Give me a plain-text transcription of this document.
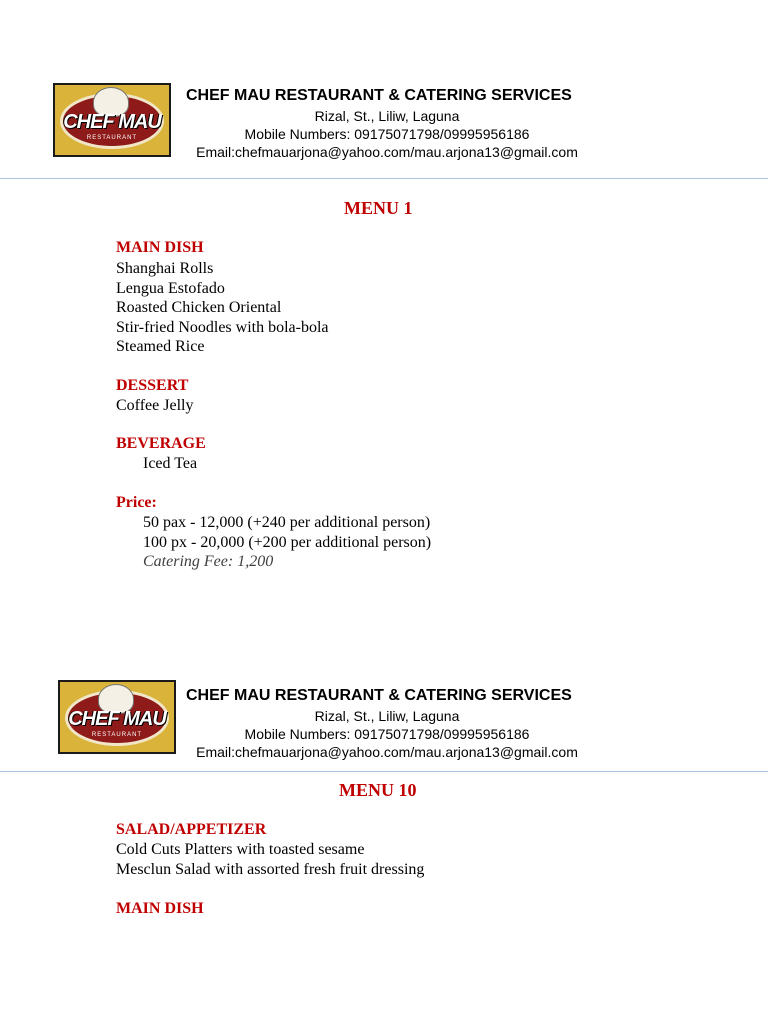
CHEF MAU
RESTAURANT
CHEF MAU RESTAURANT & CATERING SERVICES
Rizal, St., Liliw, Laguna
Mobile Numbers: 09175071798/09995956186
Email:chefmauarjona@yahoo.com/mau.arjona13@gmail.com
MENU 1
MAIN DISH
Shanghai Rolls
Lengua Estofado
Roasted Chicken Oriental
Stir-fried Noodles with bola-bola
Steamed Rice
DESSERT
Coffee Jelly
BEVERAGE
Iced Tea
Price:
50 pax - 12,000 (+240 per additional person)
100 px - 20,000 (+200 per additional person)
Catering Fee: 1,200
CHEF MAU
RESTAURANT
CHEF MAU RESTAURANT & CATERING SERVICES
Rizal, St., Liliw, Laguna
Mobile Numbers: 09175071798/09995956186
Email:chefmauarjona@yahoo.com/mau.arjona13@gmail.com
MENU 10
SALAD/APPETIZER
Cold Cuts Platters with toasted sesame
Mesclun Salad with assorted fresh fruit dressing
MAIN DISH
